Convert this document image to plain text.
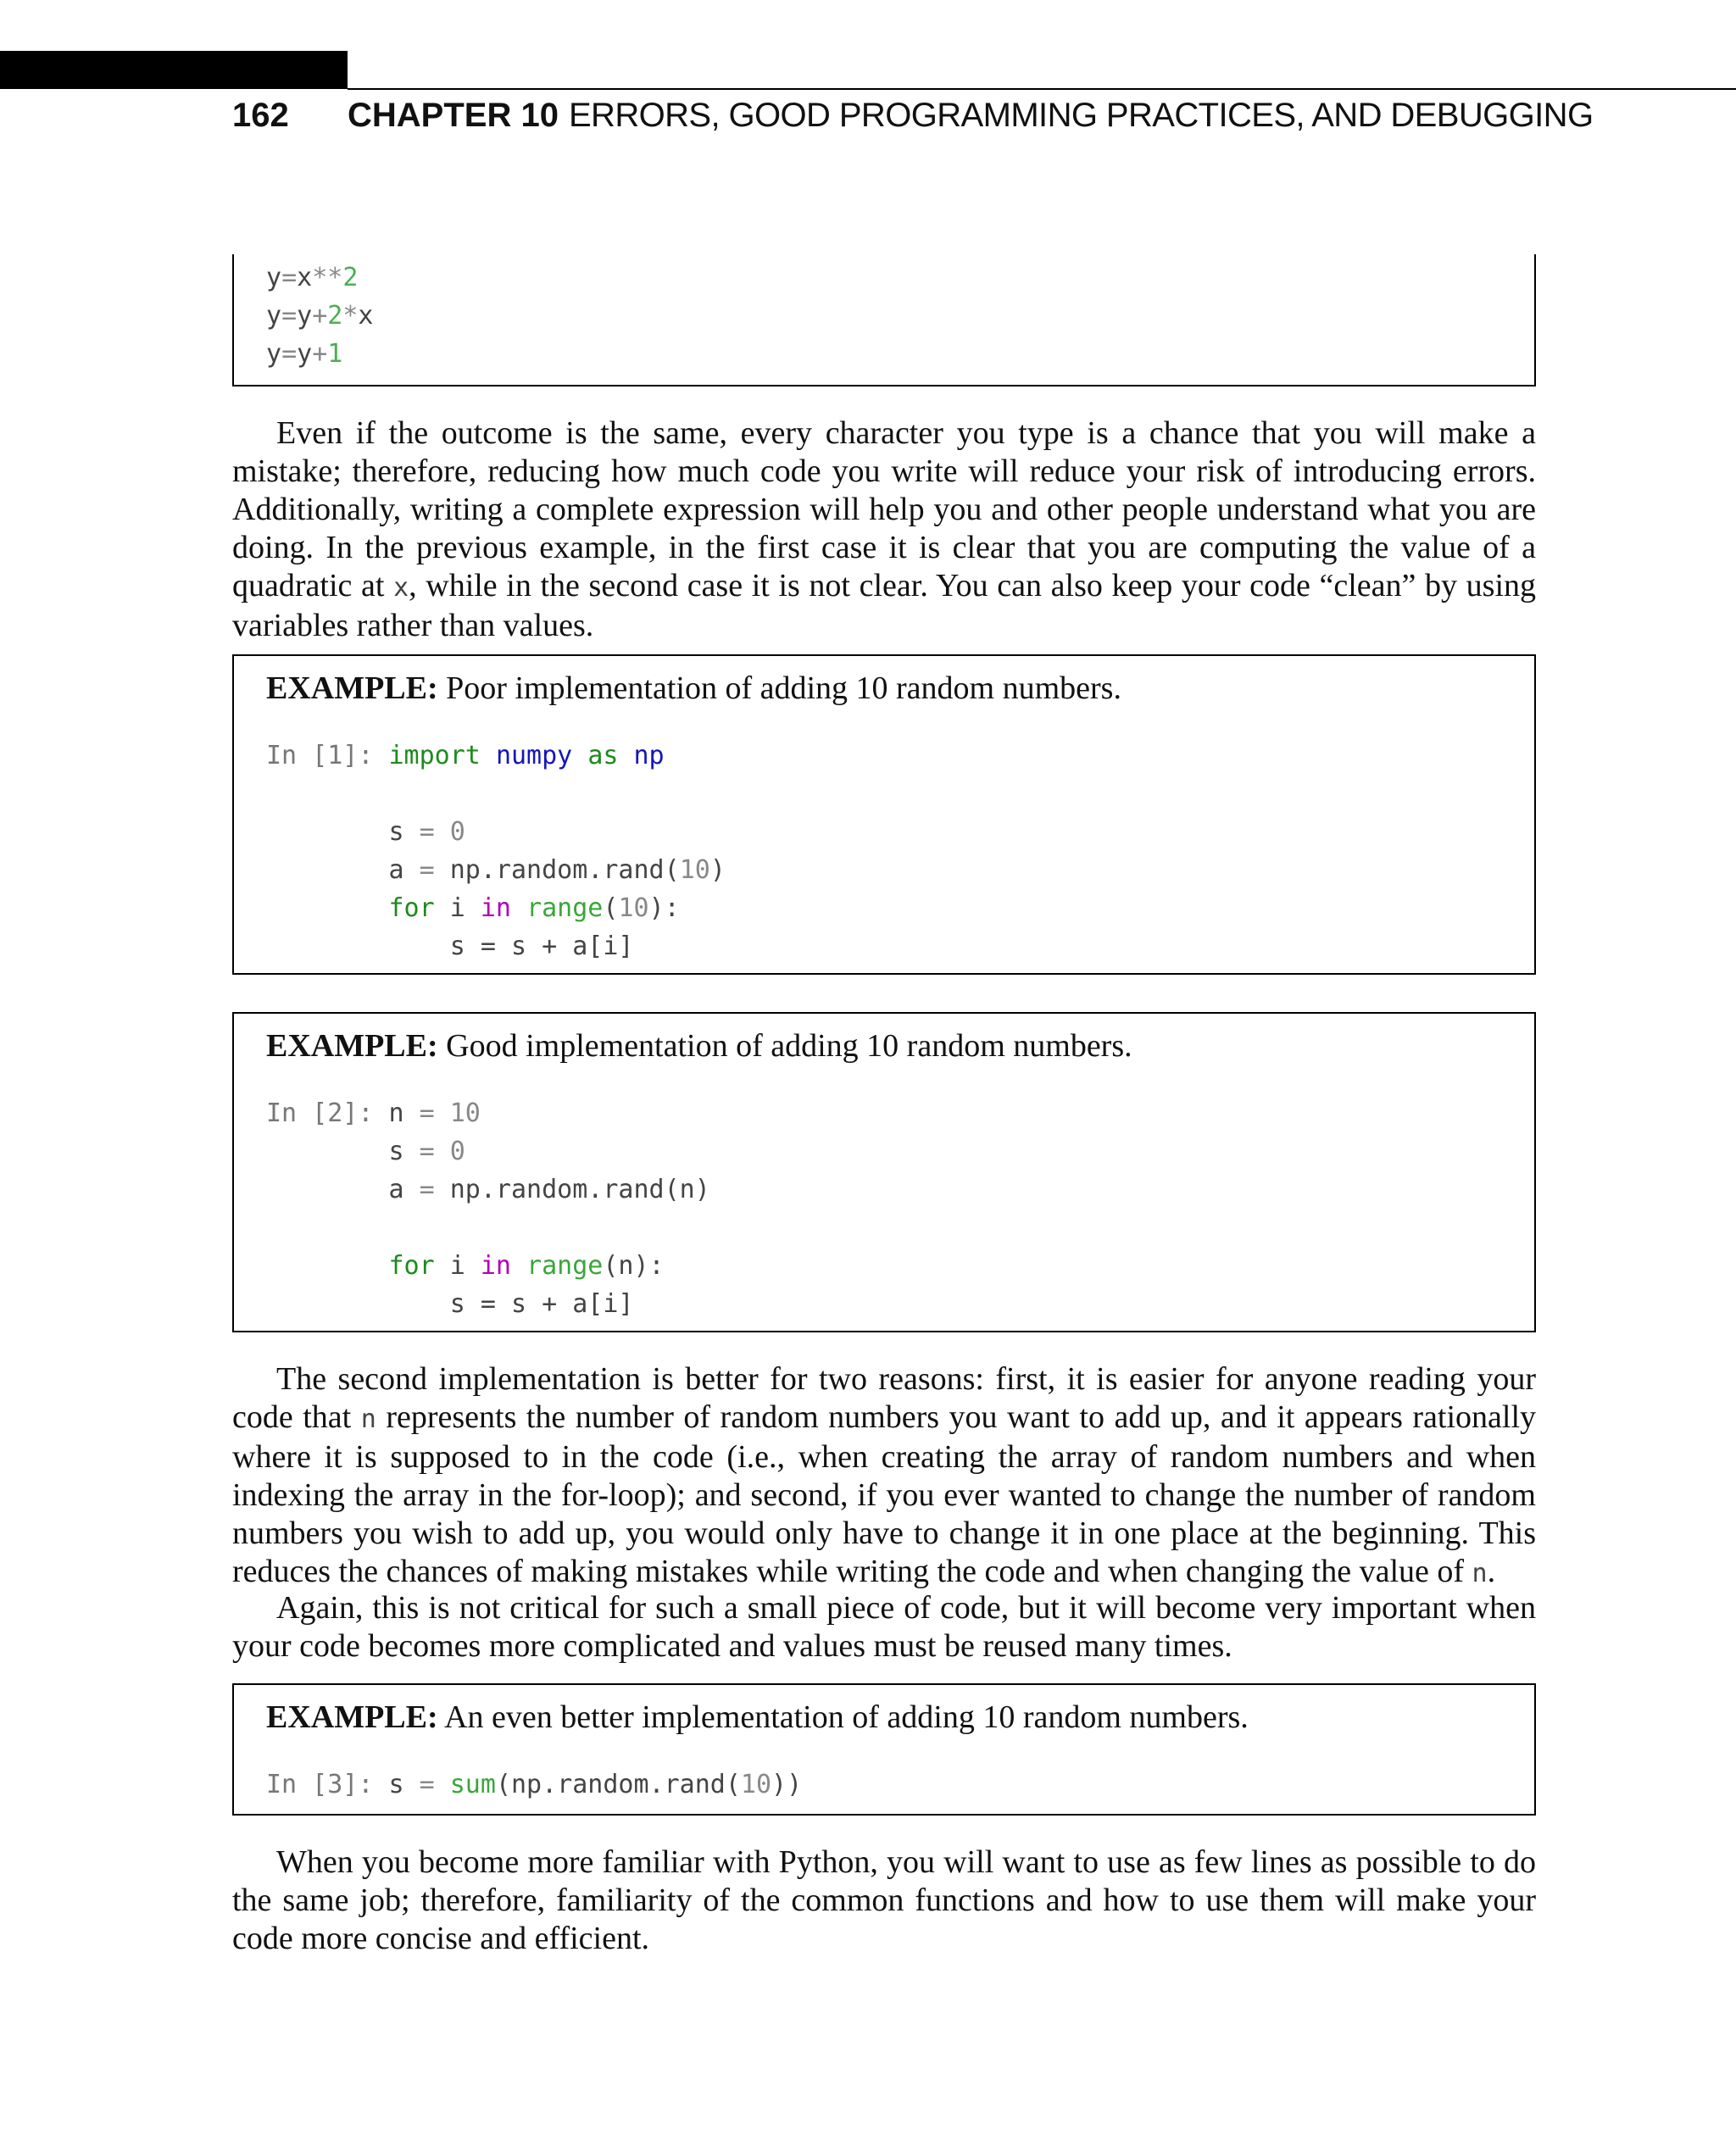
162 CHAPTER 10 ERRORS, GOOD PROGRAMMING PRACTICES, AND DEBUGGING
y=x**2
y=y+2*x
y=y+1

Even if the outcome is the same, every character you type is a chance that you will make a mistake; therefore, reducing how much code you write will reduce your risk of introducing errors. Additionally, writing a complete expression will help you and other people understand what you are doing. In the previous example, in the first case it is clear that you are computing the value of a quadratic at x, while in the second case it is not clear. You can also keep your code “clean” by using variables rather than values.

EXAMPLE: Poor implementation of adding 10 random numbers.
In [1]: import numpy as np

s = 0
a = np.random.rand(10)
for i in range(10):
s = s + a[i]
EXAMPLE: Good implementation of adding 10 random numbers.
In [2]: n = 10
s = 0
a = np.random.rand(n)

for i in range(n):
s = s + a[i]

The second implementation is better for two reasons: first, it is easier for anyone reading your code that n represents the number of random numbers you want to add up, and it appears rationally where it is supposed to in the code (i.e., when creating the array of random numbers and when indexing the array in the for-loop); and second, if you ever wanted to change the number of random numbers you wish to add up, you would only have to change it in one place at the beginning. This reduces the chances of making mistakes while writing the code and when changing the value of n.

Again, this is not critical for such a small piece of code, but it will become very important when your code becomes more complicated and values must be reused many times.

EXAMPLE: An even better implementation of adding 10 random numbers.
In [3]: s = sum(np.random.rand(10))

When you become more familiar with Python, you will want to use as few lines as possible to do the same job; therefore, familiarity of the common functions and how to use them will make your code more concise and efficient.
